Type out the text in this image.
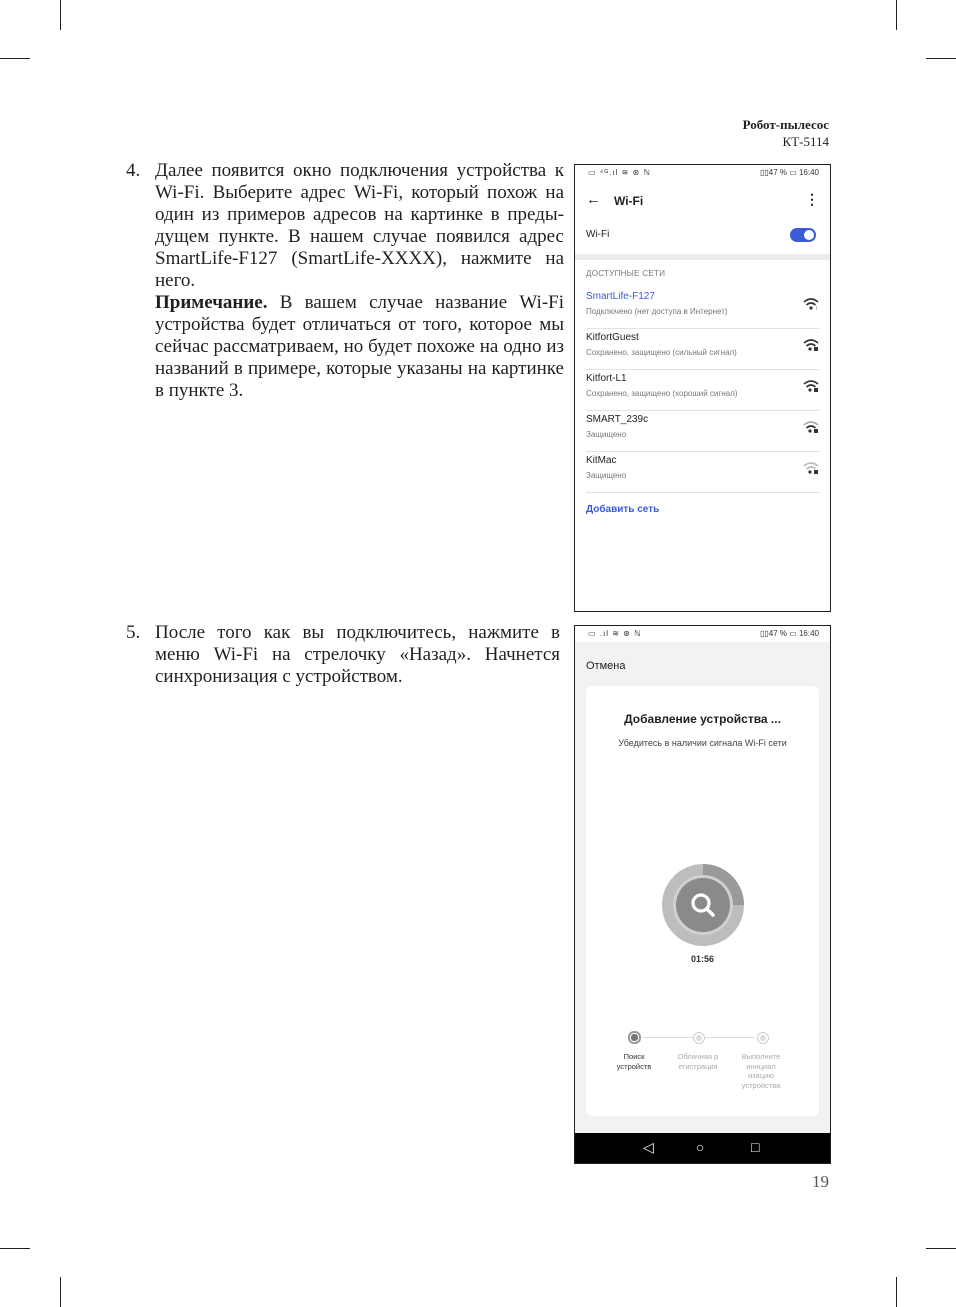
Робот-пылесос
КТ-5114
4. Далее появится окно подключения устройства к Wi-Fi. Выберите адрес Wi-Fi, который похож на один из примеров адресов на картинке в преды- дущем пункте. В нашем случае появился адрес SmartLife-F127 (SmartLife-XXXX), нажмите на него.

Примечание. В вашем случае название Wi-Fi устройства будет отличаться от того, которое мы сейчас рассматриваем, но будет похоже на одно из названий в примере, которые указаны на картинке в пункте 3.

5. После того как вы подключитесь, нажмите в меню Wi-Fi на стрелочку «Назад». Начнется синхронизация с устройством.

▭ ⁴ᴳ.ıl ≋ ⊛ ℕ	▯▯47 % ▭ 16:40
← Wi-Fi	⋮
Wi-Fi
ДОСТУПНЫЕ СЕТИ
SmartLife-F127
Подключено (нет доступа в Интернет)	!
KitfortGuest
Сохранено, защищено (сильный сигнал)
Kitfort-L1
Сохранено, защищено (хороший сигнал)
SMART_239c
Защищено
KitMac
Защищено
Добавить сеть
▭ .ıl ≋ ⊛ ℕ	▯▯47 % ▭ 16:40
Отмена
Добавление устройства ...
Убедитесь в наличии сигнала Wi-Fi сети
01:56
Поиск устройств
Облачная р егистрация
Выполните инициал изацию устройства
◁	○	□
19
